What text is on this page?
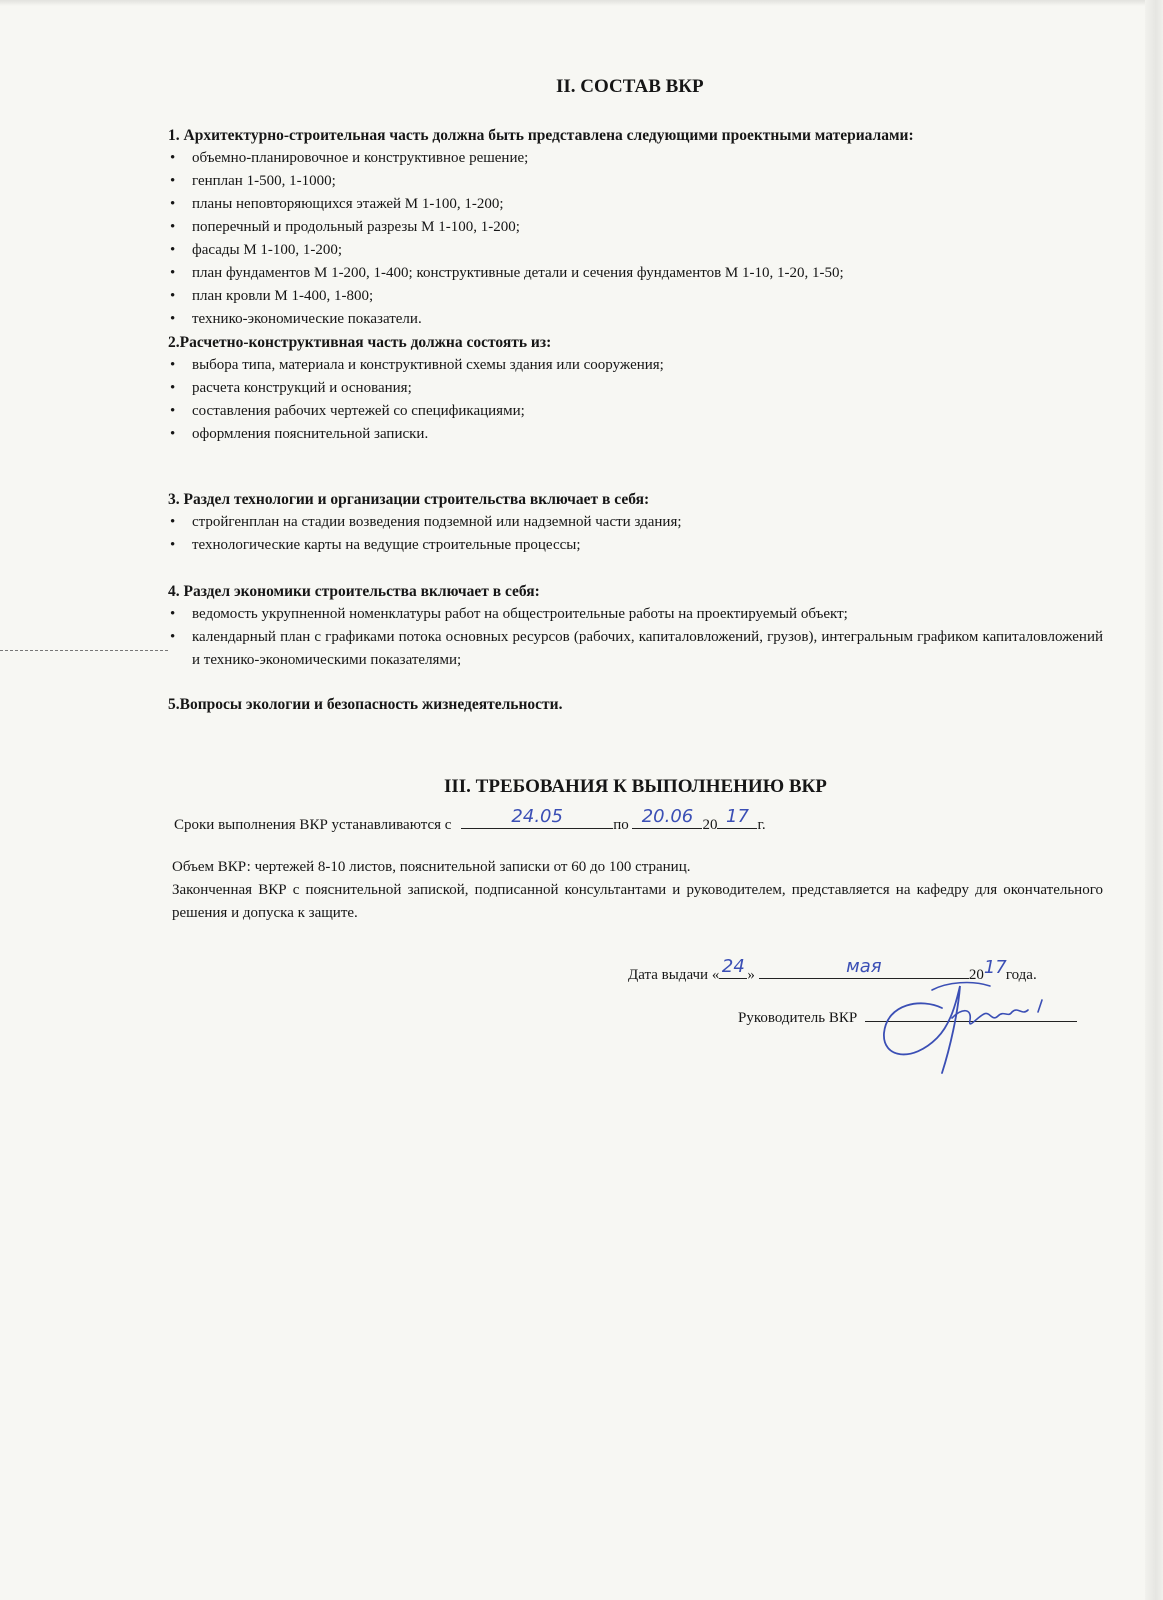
II. СОСТАВ ВКР
1. Архитектурно-строительная часть должна быть представлена следующими проектными материалами:
• объемно-планировочное и конструктивное решение;
• генплан 1-500, 1-1000;
• планы неповторяющихся этажей М 1-100, 1-200;
• поперечный и продольный разрезы М 1-100, 1-200;
• фасады М 1-100, 1-200;
• план фундаментов М 1-200, 1-400; конструктивные детали и сечения фундаментов М 1-10, 1-20, 1-50;
• план кровли М 1-400, 1-800;
• технико-экономические показатели.
2.Расчетно-конструктивная часть должна состоять из:
• выбора типа, материала и конструктивной схемы здания или сооружения;
• расчета конструкций и основания;
• составления рабочих чертежей со спецификациями;
• оформления пояснительной записки.
3. Раздел технологии и организации строительства включает в себя:
• стройгенплан на стадии возведения подземной или надземной части здания;
• технологические карты на ведущие строительные процессы;
4. Раздел экономики строительства включает в себя:
• ведомость укрупненной номенклатуры работ на общестроительные работы на проектируемый объект;
• календарный план с графиками потока основных ресурсов (рабочих, капиталовложений, грузов), интегральным графиком капиталовложений и технико-экономическими показателями;
5.Вопросы экологии и безопасность жизнедеятельности.
III. ТРЕБОВАНИЯ К ВЫПОЛНЕНИЮ ВКР
Сроки выполнения ВКР устанавливаются с	24.05	по 20.06 20 17 г.
Объем ВКР: чертежей 8-10 листов, пояснительной записки от 60 до 100 страниц.
Законченная ВКР с пояснительной запиской, подписанной консультантами и руководителем, представляется на кафедру для окончательного решения и допуска к защите.
Дата выдачи « 24 »	мая	20 17 года.
Руководитель ВКР
